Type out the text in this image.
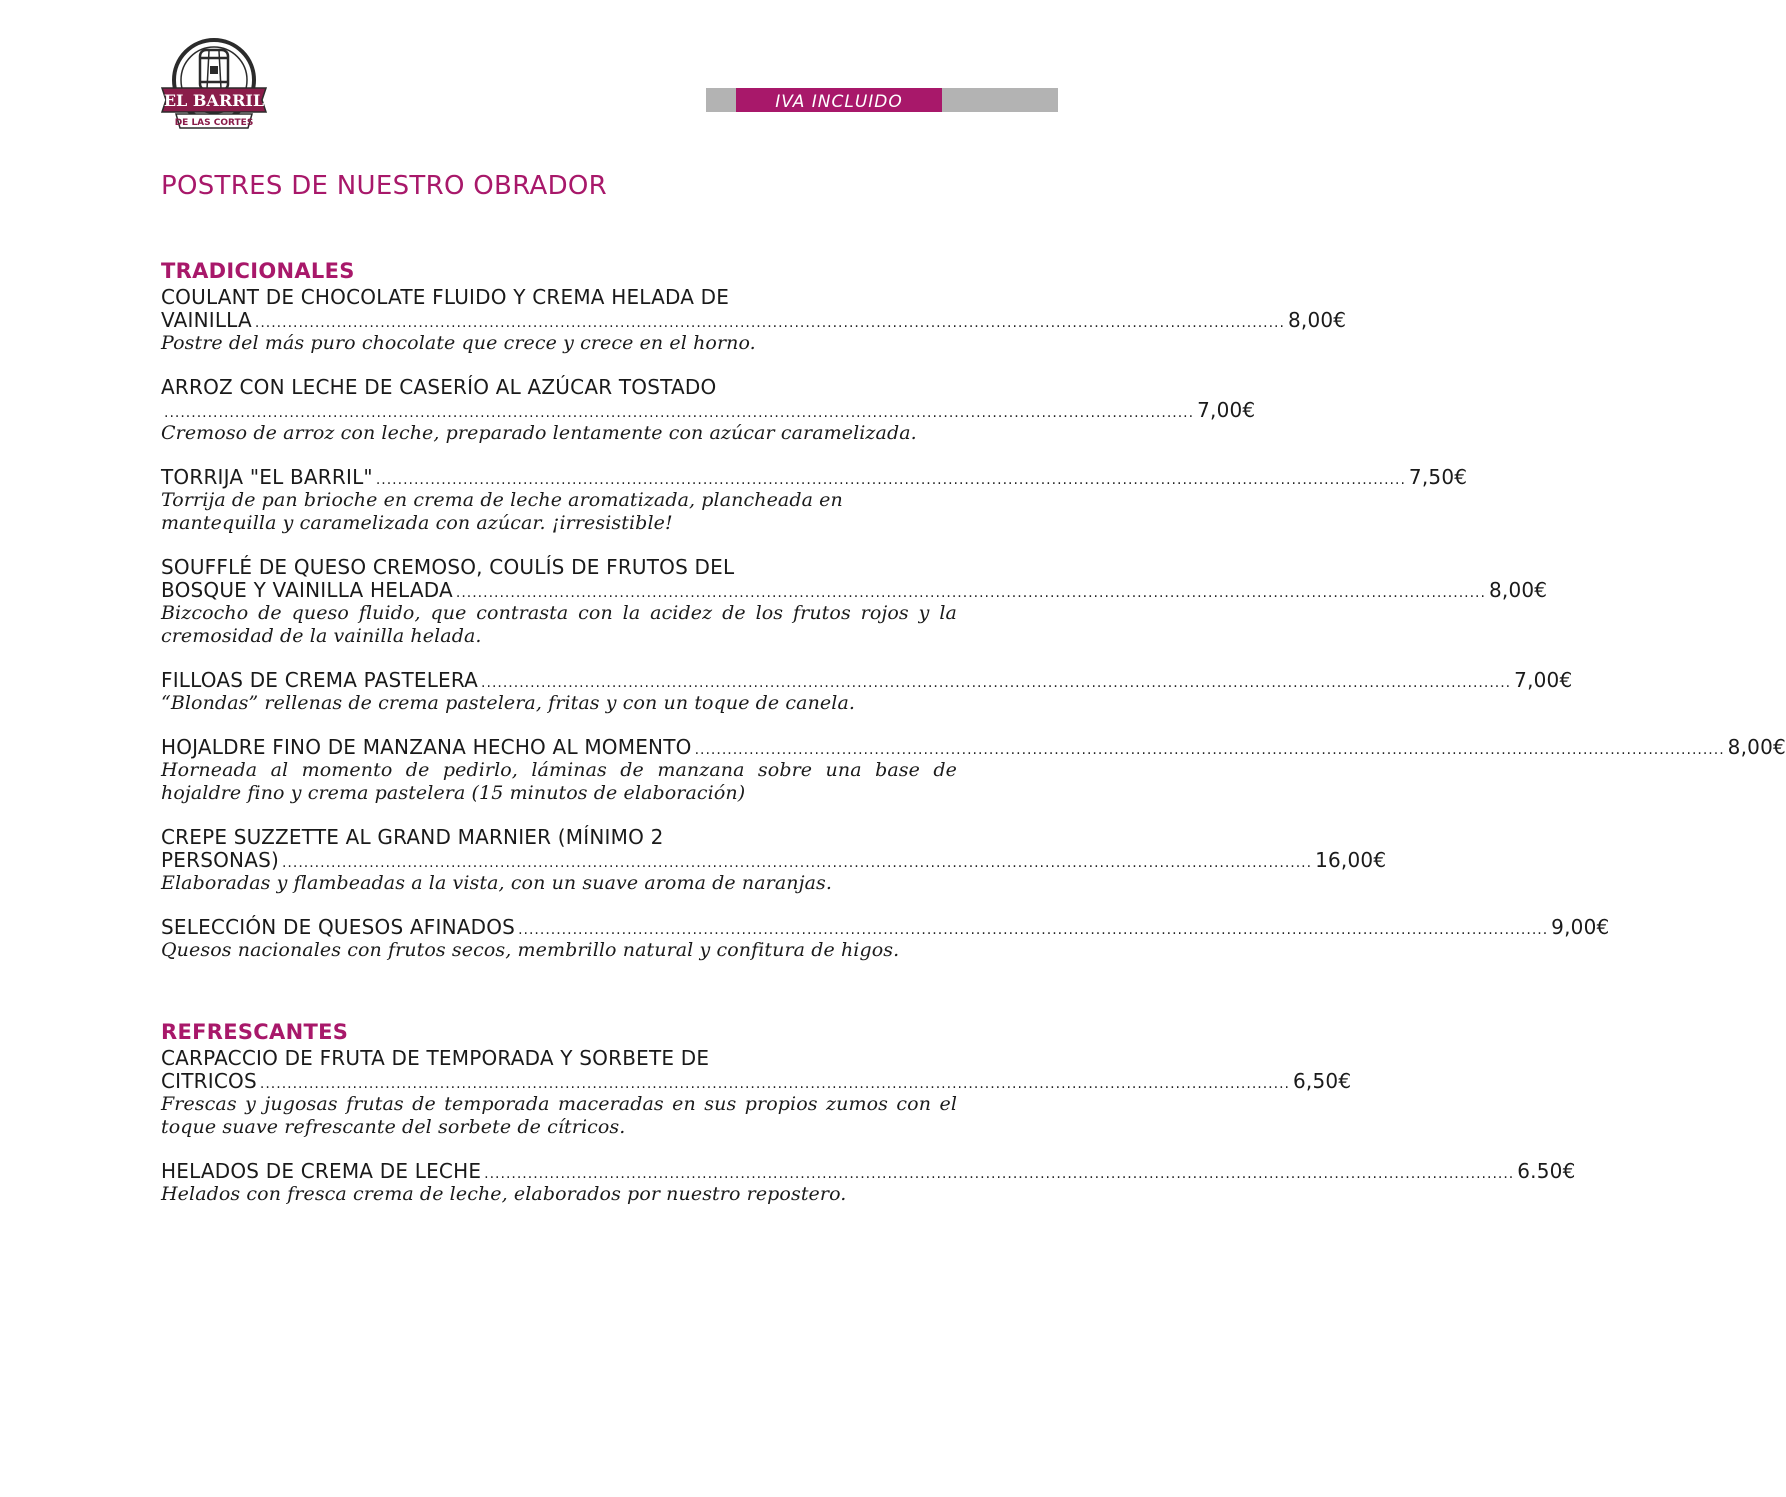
EL BARRIL
DE LAS CORTES
IVA INCLUIDO
POSTRES DE NUESTRO OBRADOR
TRADICIONALES
COULANT DE CHOCOLATE FLUIDO Y CREMA HELADA DE
VAINILLA ............................................................................................................................................................................................. 8,00€
Postre del más puro chocolate que crece y crece en el horno.
ARROZ CON LECHE DE CASERÍO AL AZÚCAR TOSTADO
............................................................................................................................................................................................. 7,00€
Cremoso de arroz con leche, preparado lentamente con azúcar caramelizada.
TORRIJA "EL BARRIL" ............................................................................................................................................................................................. 7,50€
Torrija de pan brioche en crema de leche aromatizada, plancheada en mantequilla y caramelizada con azúcar. ¡irresistible!
SOUFFLÉ DE QUESO CREMOSO, COULÍS DE FRUTOS DEL
BOSQUE Y VAINILLA HELADA ............................................................................................................................................................................................. 8,00€
Bizcocho de queso fluido, que contrasta con la acidez de los frutos rojos y la cremosidad de la vainilla helada.
FILLOAS DE CREMA PASTELERA ............................................................................................................................................................................................. 7,00€
“Blondas” rellenas de crema pastelera, fritas y con un toque de canela.
HOJALDRE FINO DE MANZANA HECHO AL MOMENTO ............................................................................................................................................................................................. 8,00€
Horneada al momento de pedirlo, láminas de manzana sobre una base de hojaldre fino y crema pastelera (15 minutos de elaboración)
CREPE SUZZETTE AL GRAND MARNIER (MÍNIMO 2
PERSONAS) ............................................................................................................................................................................................. 16,00€
Elaboradas y flambeadas a la vista, con un suave aroma de naranjas.
SELECCIÓN DE QUESOS AFINADOS ............................................................................................................................................................................................. 9,00€
Quesos nacionales con frutos secos, membrillo natural y confitura de higos.
REFRESCANTES
CARPACCIO DE FRUTA DE TEMPORADA Y SORBETE DE
CITRICOS ............................................................................................................................................................................................. 6,50€
Frescas y jugosas frutas de temporada maceradas en sus propios zumos con el toque suave refrescante del sorbete de cítricos.
HELADOS DE CREMA DE LECHE ............................................................................................................................................................................................. 6.50€
Helados con fresca crema de leche, elaborados por nuestro repostero.
